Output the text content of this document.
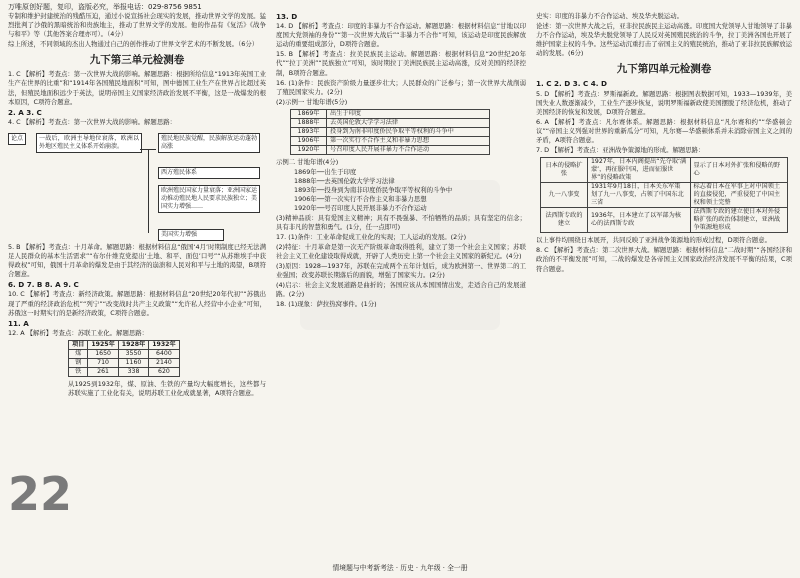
万唯原创好题，复印，盗版必究，举报电话：029-8756 9851

专制和维护封建统治的残酷压迫，通过小说宣扬社会现实的发展，推动世界文学的发展。猛烈批判了沙俄的黑暗统治和贵族地主，推动了世界文学的发展。他的作品有《复活》《战争与和平》等（其他答案合理亦可）。（4分）

综上所述，不同领域的杰出人物通过自己的创作推动了世界文学艺术的不断发展。（6分）

九下第三单元检测卷

1. C 【解析】考查点：第一次世界大战的影响。解题思路：根据所给信息“1913年英国工业生产在世界的比重”和“1914年各国殖民地面积”可知，图中德国工业生产在世界占比超过英法，但殖民地面积远少于英法，说明帝国主义国家经济政治发展不平衡，这是一战爆发的根本原因，C项符合题意。

2. A 3. C

4. C 【解析】考查点：第一次世界大战的影响。解题思路：

论点	一战后，欧洲主导地位衰落，欧洲以外地区殖民主义体系开始崩溃。
殖民地民族觉醒，民族解放运动蓬勃高涨
西方殖民体系
欧洲殖民国家力量衰落；亚洲国家运动推动殖民地人民要求民族独立；美国实力增强……
美国实力增强

5. B 【解析】考查点：十月革命。解题思路：根据材料信息“俄国‘4月’时期制度已经无法满足人民群众的基本生活需求”“布尔什维克党提出‘土地、和平、面包’口号”“从苏维埃手中获得政权”可知，俄国十月革命的爆发是由于其经济的崩溃和人民对和平与土地的渴望，B项符合题意。

6. D 7. B 8. A 9. C

10. C 【解析】考查点：新经济政策。解题思路：根据材料信息“20世纪20年代初”“苏俄出现了严重的经济政治危机”“列宁”“改变战时共产主义政策”“允许私人经营中小企业”可知，苏俄这一时期实行的是新经济政策，C项符合题意。

11. A

12. A 【解析】考查点：苏联工业化。解题思路：

项目	1925年	1928年	1932年
煤	1650	3550	6400
钢	710	1160	2140
铁	261	338	620

从1925到1932年，煤、原油、生铁的产量均大幅度增长，这些都与苏联实施了工业化有关，说明苏联工业化成就显著，A项符合题意。

22

13. D

14. D 【解析】考查点：印度的非暴力不合作运动。解题思路：根据材料信息“甘地以印度国大党领袖的身份”“第一次世界大战后”“非暴力不合作”可知，该运动是印度民族解放运动的重要组成部分，D项符合题意。

15. B 【解析】考查点：拉美民族民主运动。解题思路：根据材料信息“20世纪20年代”“拉丁美洲”“民族独立”可知，该时期拉丁美洲民族民主运动高涨，反对美国的经济控制，B项符合题意。

16. (1)条件：民族资产阶级力量逐步壮大；人民群众的广泛参与；第一次世界大战削弱了殖民国家实力。(2分)

(2)示例一 甘地年谱(5分)

1869年	出生于印度
1888年	去英国伦敦大学学习法律
1893年	投身到为南非印度侨民争取平等权利的斗争中
1906年	第一次实行不合作主义和非暴力思想
1920年	号召印度人民开展非暴力不合作运动

示例二 甘地年谱(4分)

1869年──出生于印度
1888年──去英国伦敦大学学习法律
1893年──投身到为南非印度侨民争取平等权利的斗争中
1906年──第一次实行不合作主义和非暴力思想
1920年──号召印度人民开展非暴力不合作运动

(3)精神品质：具有爱国主义精神；具有不畏强暴、不怕牺牲的品质；具有坚定的信念；具有非凡的智慧和勇气。(1分，任一点即可)

17. (1)条件：工业革命促成工业化的实现；工人运动的发展。(2分)

(2)特征：十月革命是第一次无产阶级革命取得胜利，建立了第一个社会主义国家；苏联社会主义工业化建设取得成就，开辟了人类历史上第一个社会主义国家的新纪元。(4分)

(3)原因：1928—1937年，苏联在完成两个五年计划后，成为欧洲第一、世界第二的工业强国；改变苏联长期落后的面貌，增强了国家实力。(2分)

(4)启示：社会主义发展道路是曲折的；各国应该从本国国情出发，走适合自己的发展道路。(2分)

18. (1)现象：萨拉热窝事件。(1分)

史实：印度的非暴力不合作运动、埃及华夫脱运动。

论述：第一次世界大战之后，亚非拉民族民主运动高涨。印度国大党领导人甘地领导了非暴力不合作运动，埃及华夫脱党领导了人民反对英国殖民统治的斗争，拉丁美洲各国也开展了维护国家主权的斗争。这些运动沉重打击了帝国主义的殖民统治，推动了亚非拉民族解放运动的发展。(6分)

九下第四单元检测卷

1. C 2. D 3. C 4. D

5. D 【解析】考查点：罗斯福新政。解题思路：根据图表数据可知，1933—1939年，美国失业人数逐渐减少，工业生产逐步恢复，说明罗斯福新政使美国摆脱了经济危机，推动了美国经济的恢复和发展，D项符合题意。

6. A 【解析】考查点：凡尔赛体系。解题思路：根据材料信息“凡尔赛和约”“华盛顿会议”“帝国主义列强对世界的重新瓜分”可知，凡尔赛—华盛顿体系并未消除帝国主义之间的矛盾，A项符合题意。

7. D 【解析】考查点：亚洲战争策源地的形成。解题思路：

日本的侵略扩张	1927年，日本内阁提出“先夺取‘满蒙’，再征服中国，进而征服世界”的侵略政策	显示了日本对外扩张和侵略的野心
九一八事变	1931年9月18日，日本关东军策划了九一八事变，占领了中国东北三省	标志着日本在军事上对中国领土的直接侵犯，严重侵犯了中国主权和领土完整
法西斯专政的建立	1936年，日本建立了以军部为核心的法西斯专政	法西斯专政的建立使日本对外侵略扩张的政治体制建立，亚洲战争策源地形成

以上事件均围绕日本展开，共同反映了亚洲战争策源地的形成过程，D项符合题意。

8. C 【解析】考查点：第二次世界大战。解题思路：根据材料信息“二战时期”“各国经济和政治的不平衡发展”可知，二战的爆发是各帝国主义国家政治经济发展不平衡的结果，C项符合题意。

情境题与中考新考法 · 历史 · 九年级 · 全一册
